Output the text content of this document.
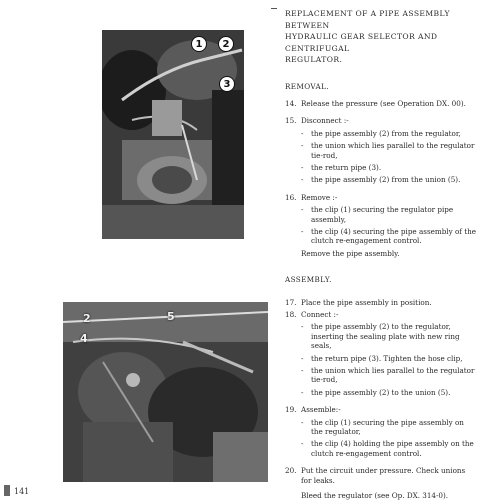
1	2
3
2
4
5
REPLACEMENT OF A PIPE ASSEMBLY BETWEEN
HYDRAULIC GEAR SELECTOR AND CENTRIFUGAL
REGULATOR.
REMOVAL.
14. Release the pressure (see Operation DX. 00).
15. Disconnect :-
-	the pipe assembly (2) from the regulator,
-	the union which lies parallel to the regulator tie-rod,
-	the return pipe (3).
-	the pipe assembly (2) from the union (5).
16. Remove :-
-	the clip (1) securing the regulator pipe assembly,
-	the clip (4) securing the pipe assembly of the clutch re-engagement control.
Remove the pipe assembly.
ASSEMBLY.
17. Place the pipe assembly in position.
18. Connect :-
-	the pipe assembly (2) to the regulator, inserting the sealing plate with new ring seals,
-	the return pipe (3). Tighten the hose clip,
-	the union which lies parallel to the regulator tie-rod,
-	the pipe assembly (2) to the union (5).
19. Assemble:-
-	the clip (1) securing the pipe assembly on the regulator,
-	the clip (4) holding the pipe assembly on the clutch re-engagement control.
20. Put the circuit under pressure. Check unions for leaks.
Bleed the regulator (see Op. DX. 314-0).
141
